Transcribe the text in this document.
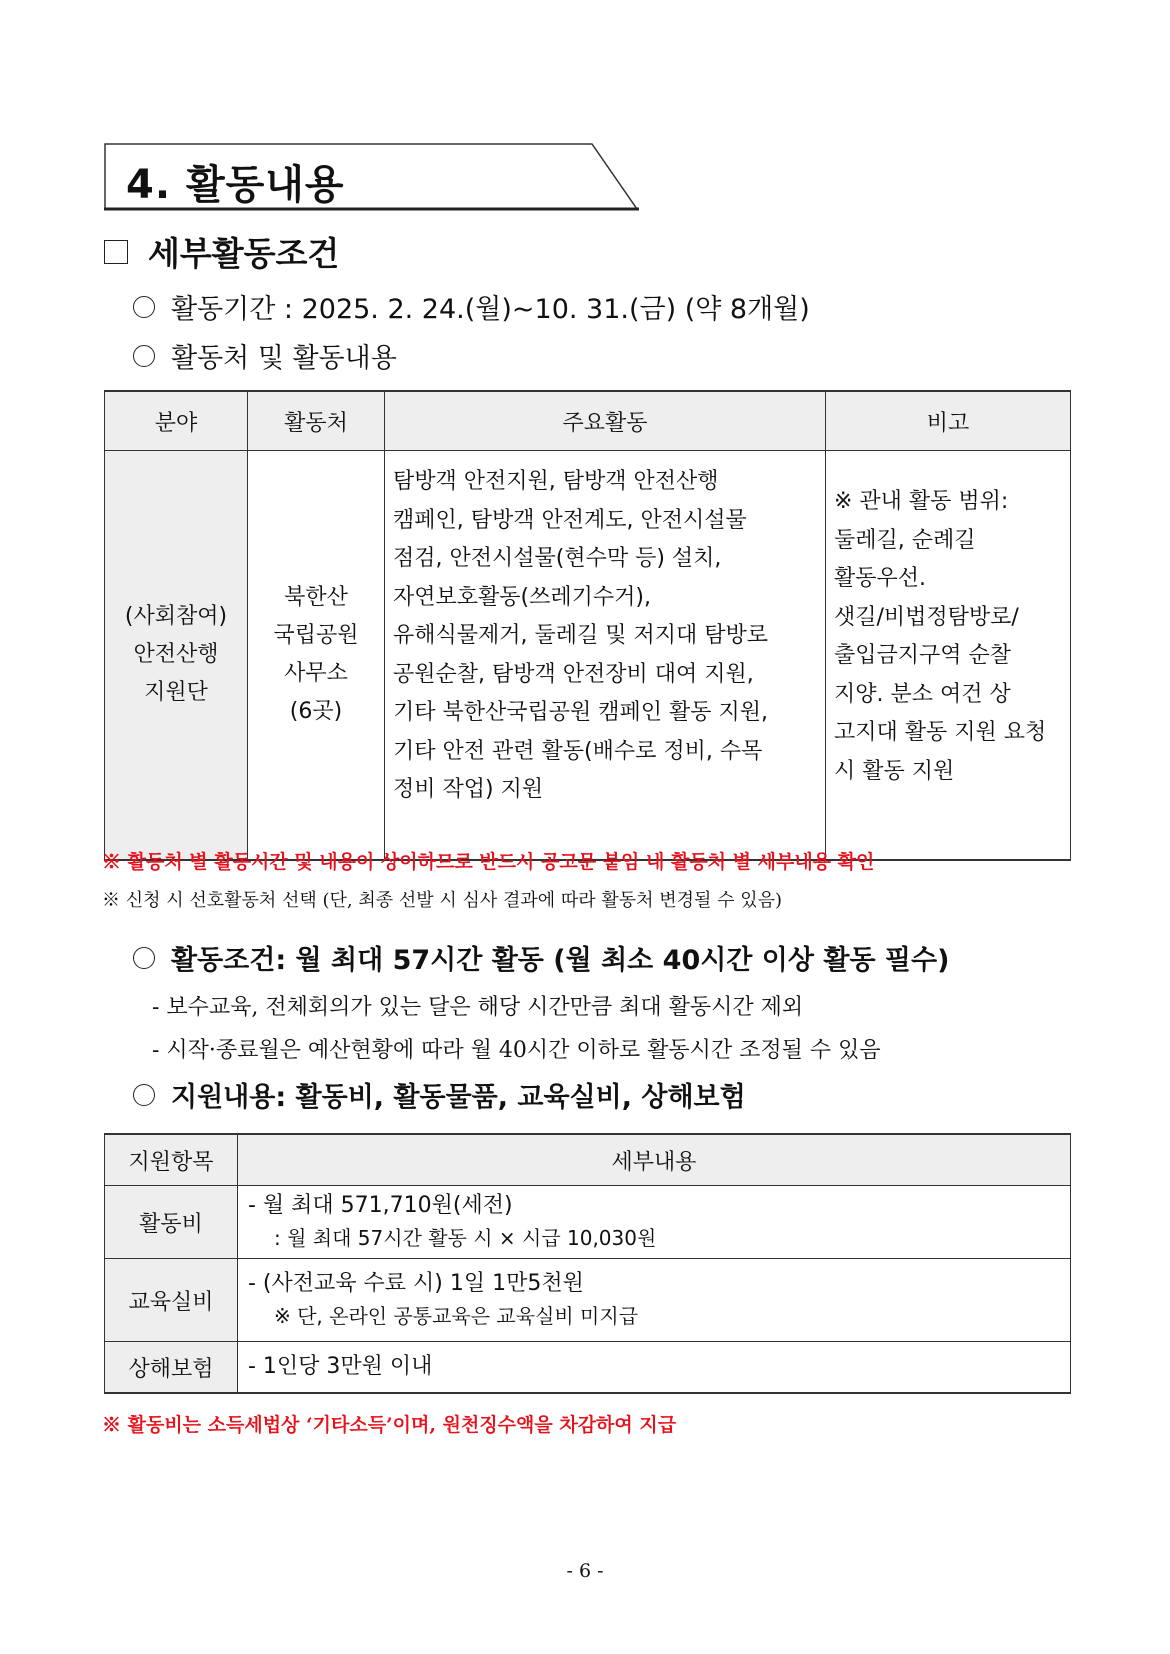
4. 활동내용
세부활동조건
활동기간 : 2025. 2. 24.(월)~10. 31.(금) (약 8개월)
활동처 및 활동내용
분야	활동처	주요활동	비고

(사회참여)
안전산행
지원단

북한산
국립공원
사무소
(6곳)

탐방객 안전지원, 탐방객 안전산행
캠페인, 탐방객 안전계도, 안전시설물
점검, 안전시설물(현수막 등) 설치,
자연보호활동(쓰레기수거),
유해식물제거, 둘레길 및 저지대 탐방로
공원순찰, 탐방객 안전장비 대여 지원,
기타 북한산국립공원 캠페인 활동 지원,
기타 안전 관련 활동(배수로 정비, 수목
정비 작업) 지원

※ 관내 활동 범위:
둘레길, 순례길
활동우선.
샛길/비법정탐방로/
출입금지구역 순찰
지양. 분소 여건 상
고지대 활동 지원 요청
시 활동 지원
※ 활동처 별 활동시간 및 내용이 상이하므로 반드시 공고문 붙임 내 활동처 별 세부내용 확인
※ 신청 시 선호활동처 선택 (단, 최종 선발 시 심사 결과에 따라 활동처 변경될 수 있음)
활동조건: 월 최대 57시간 활동 (월 최소 40시간 이상 활동 필수)
- 보수교육, 전체회의가 있는 달은 해당 시간만큼 최대 활동시간 제외
- 시작·종료월은 예산현황에 따라 월 40시간 이하로 활동시간 조정될 수 있음
지원내용: 활동비, 활동물품, 교육실비, 상해보험
지원항목	세부내용
활동비	- 월 최대 571,710원(세전)
: 월 최대 57시간 활동 시 × 시급 10,030원

교육실비	- (사전교육 수료 시) 1일 1만5천원
※ 단, 온라인 공통교육은 교육실비 미지급

상해보험	- 1인당 3만원 이내
※ 활동비는 소득세법상 ‘기타소득’이며, 원천징수액을 차감하여 지급
- 6 -
